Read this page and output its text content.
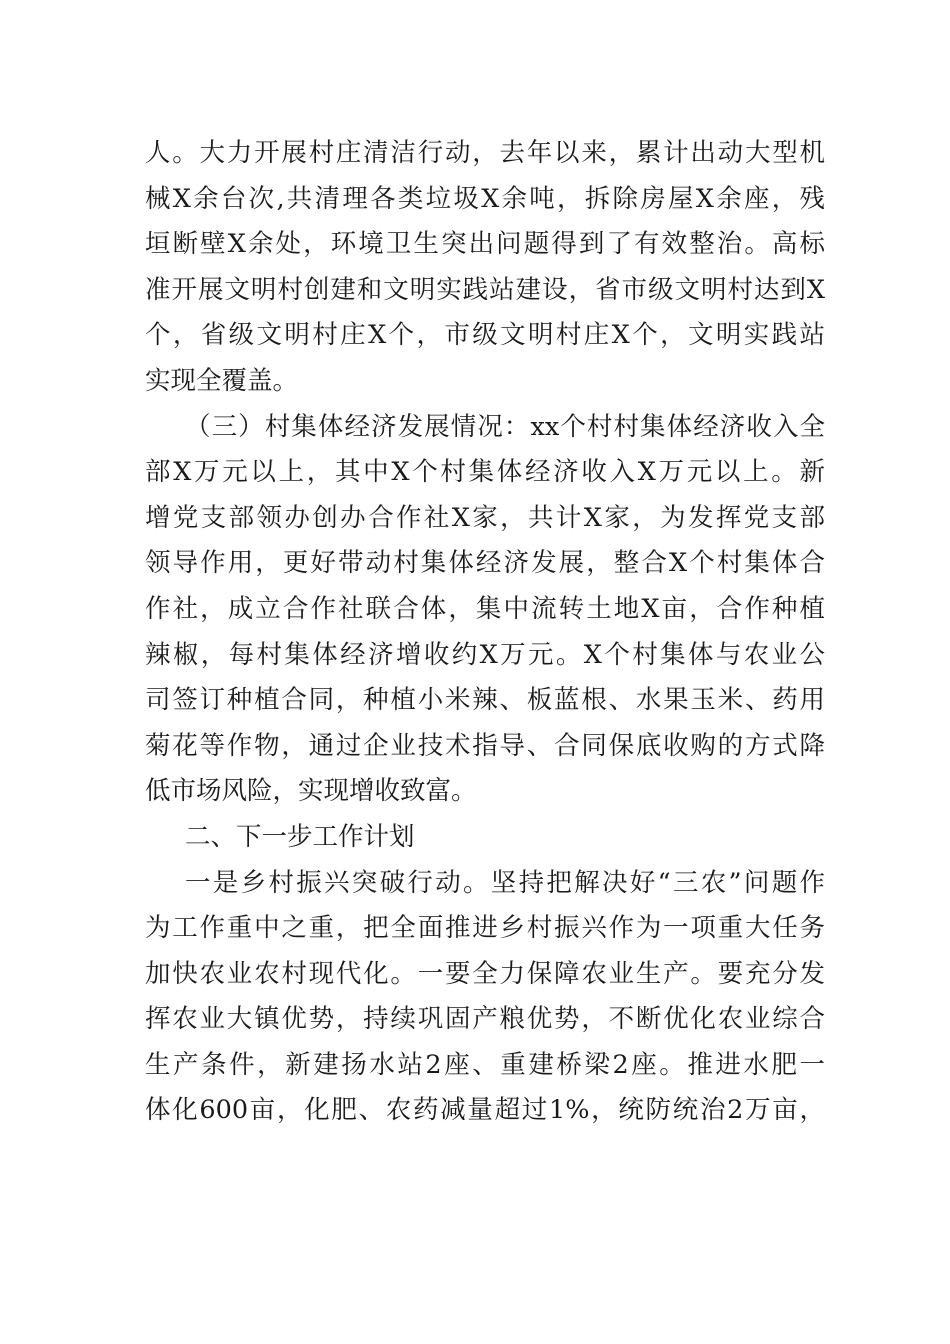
人。大力开展村庄清洁行动，去年以来，累计出动大型机
械X余台次,共清理各类垃圾X余吨，拆除房屋X余座，残
垣断壁X余处，环境卫生突出问题得到了有效整治。高标
准开展文明村创建和文明实践站建设，省市级文明村达到X
个，省级文明村庄X个，市级文明村庄X个，文明实践站
实现全覆盖。
（三）村集体经济发展情况：xx个村村集体经济收入全
部X万元以上，其中X个村集体经济收入X万元以上。新
增党支部领办创办合作社X家，共计X家，为发挥党支部
领导作用，更好带动村集体经济发展，整合X个村集体合
作社，成立合作社联合体，集中流转土地X亩，合作种植
辣椒，每村集体经济增收约X万元。X个村集体与农业公
司签订种植合同，种植小米辣、板蓝根、水果玉米、药用
菊花等作物，通过企业技术指导、合同保底收购的方式降
低市场风险，实现增收致富。
二、下一步工作计划
一是乡村振兴突破行动。坚持把解决好“三农”问题作
为工作重中之重，把全面推进乡村振兴作为一项重大任务
加快农业农村现代化。一要全力保障农业生产。要充分发
挥农业大镇优势，持续巩固产粮优势，不断优化农业综合
生产条件，新建扬水站2座、重建桥梁2座。推进水肥一
体化600亩，化肥、农药减量超过1%，统防统治2万亩，
